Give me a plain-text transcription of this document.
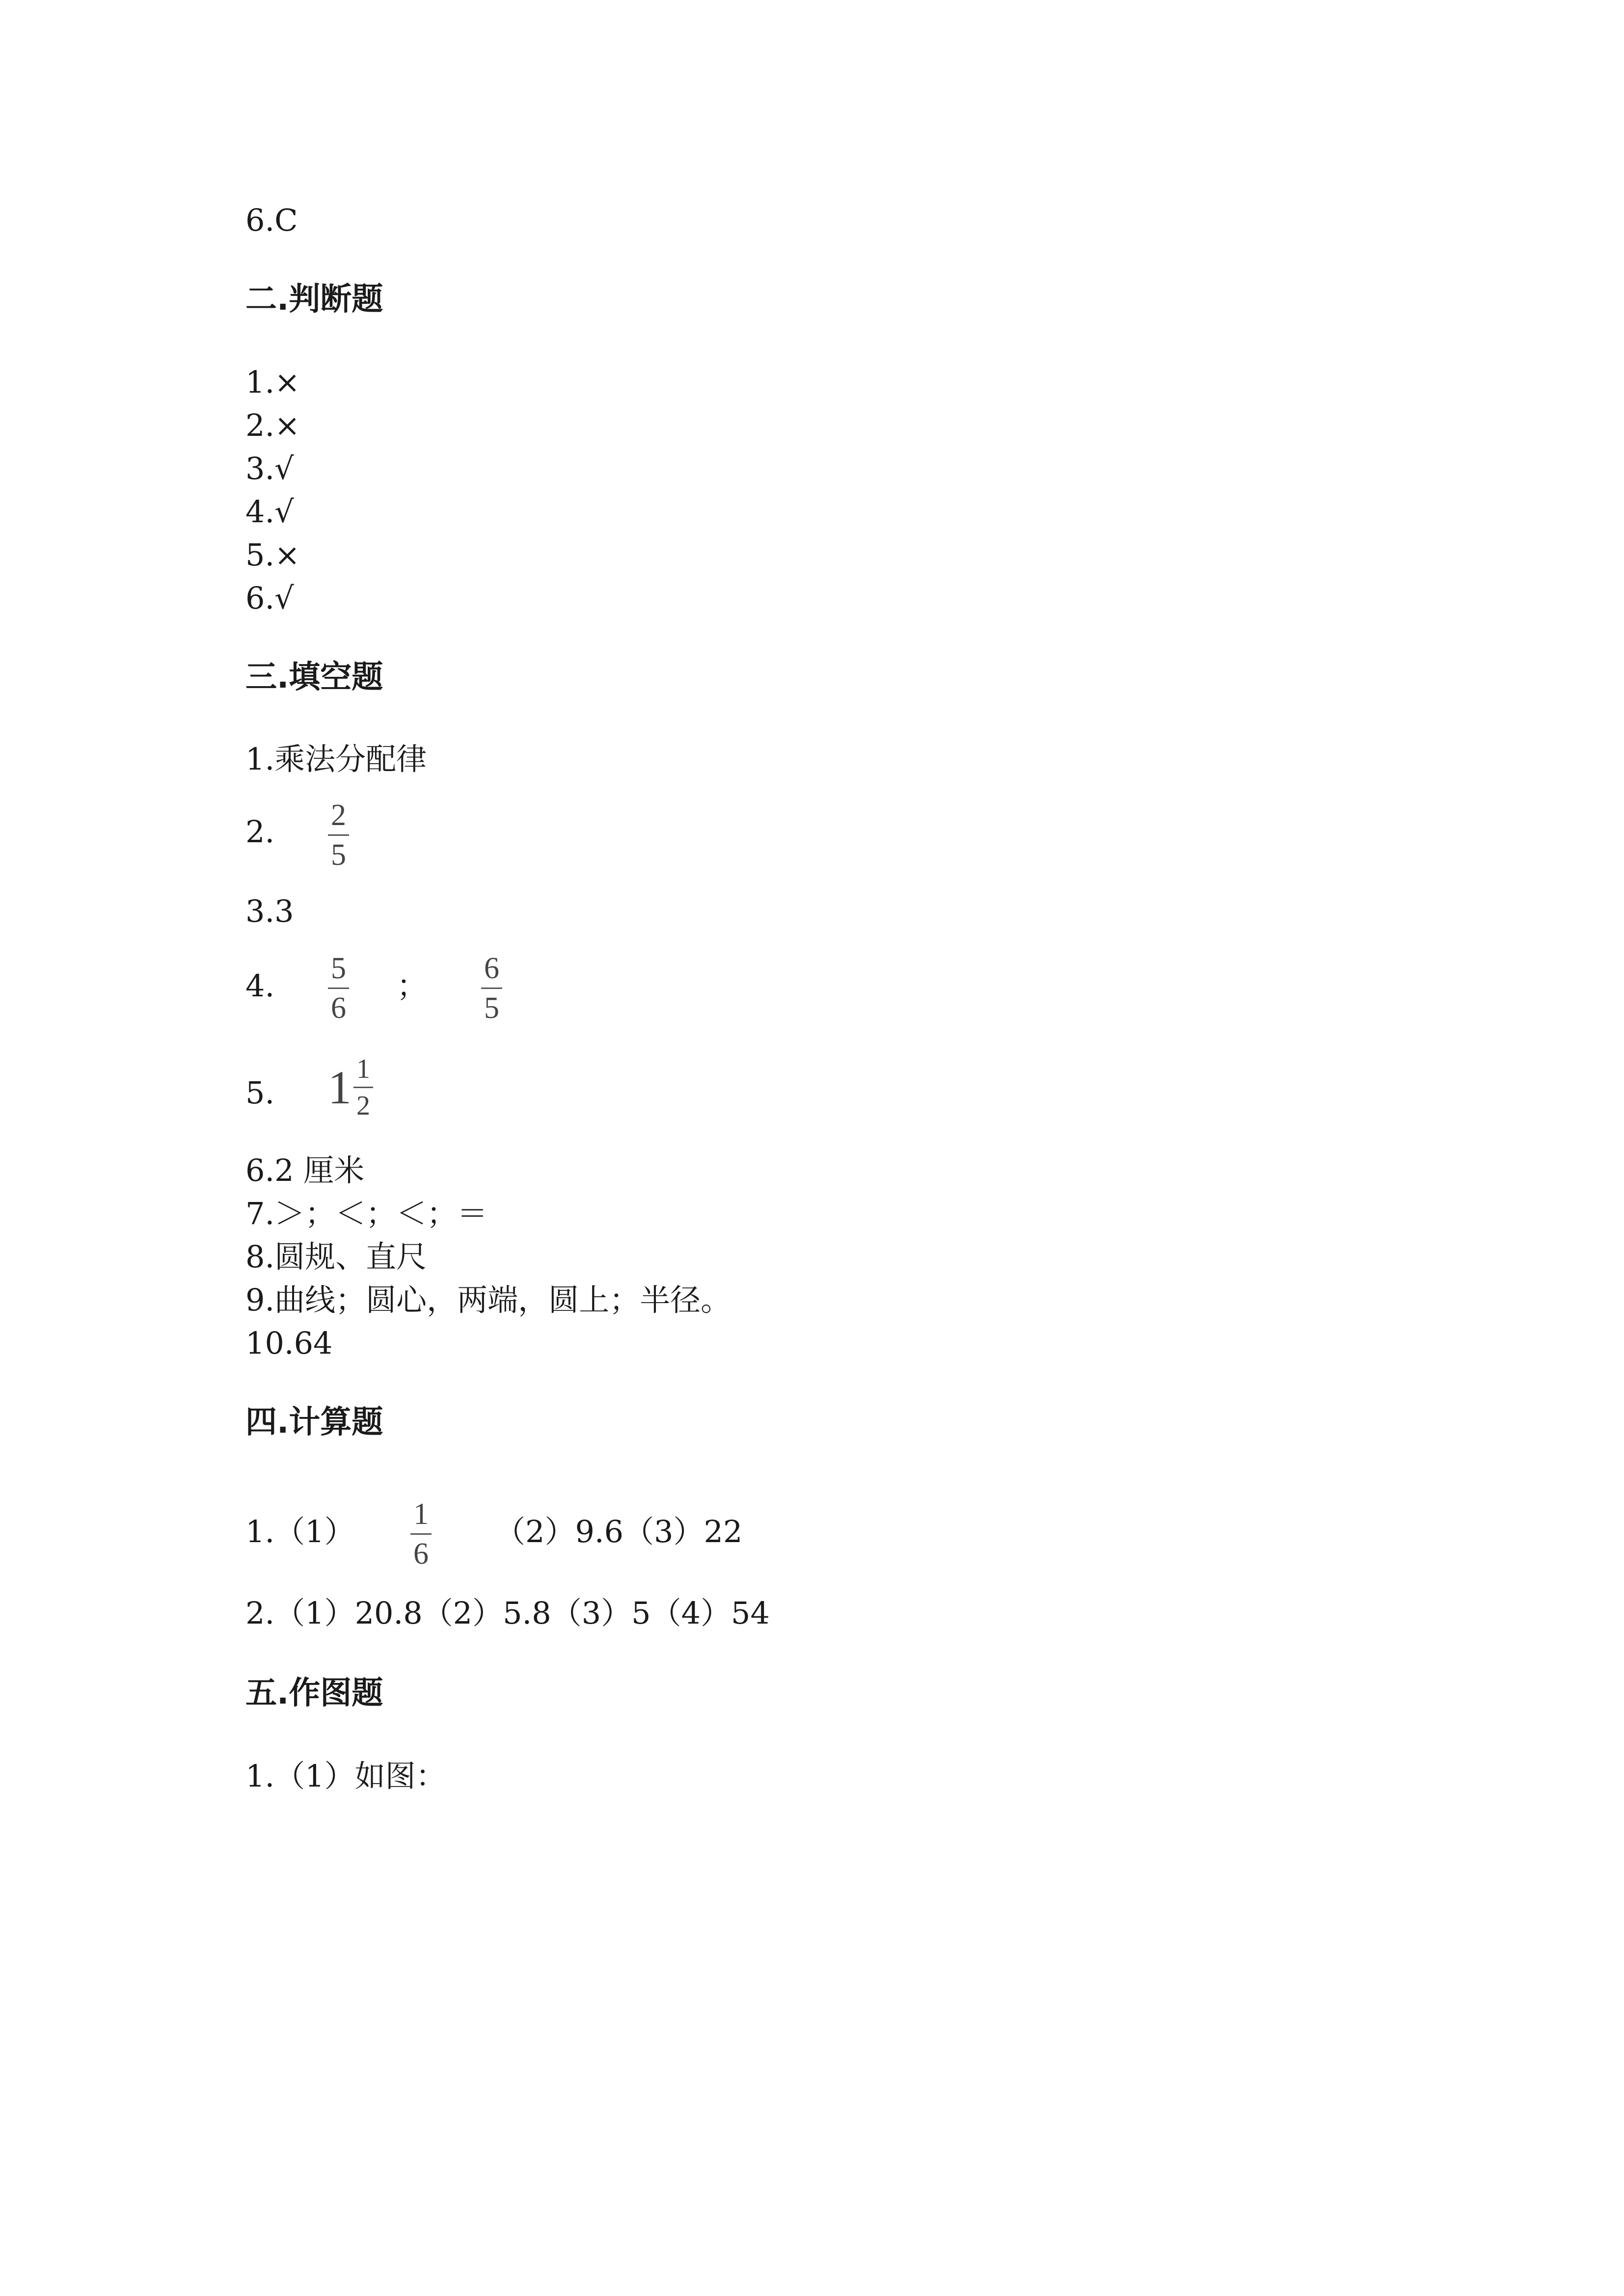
6.C
二.判断题
1.×
2.×
3.√
4.√
5.×
6.√
三.填空题
1.乘法分配律
2. 2
5
3.3
4. 5
6
； 6
5
5. $1 \frac{1}{2}$
6.2 厘米
7.＞；＜；＜；＝
8.圆规、直尺
9.曲线；圆心，两端，圆上；半径。
10.64
四.计算题
1.（1） 1
6
（2）9.6（3）22
2.（1）20.8（2）5.8（3）5（4）54
五.作图题
1.（1）如图：
